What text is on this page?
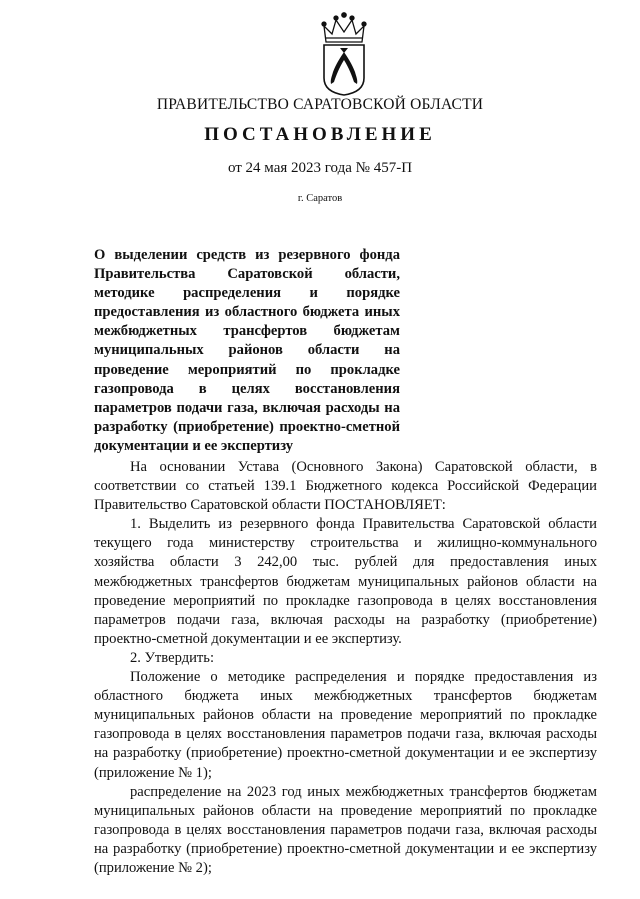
ПРАВИТЕЛЬСТВО САРАТОВСКОЙ ОБЛАСТИ
ПОСТАНОВЛЕНИЕ
от 24 мая 2023 года № 457-П
г. Саратов

О выделении средств из резервного фонда Правительства Саратовской области, методике распределения и порядке предоставления из областного бюджета иных межбюджетных трансфертов бюджетам муниципальных районов области на проведение мероприятий по прокладке газопровода в целях восстановления параметров подачи газа, включая расходы на разработку (приобретение) проектно-сметной документации и ее экспертизу

На основании Устава (Основного Закона) Саратовской области, в соответствии со статьей 139.1 Бюджетного кодекса Российской Федерации Правительство Саратовской области ПОСТАНОВЛЯЕТ:

1. Выделить из резервного фонда Правительства Саратовской области текущего года министерству строительства и жилищно-коммунального хозяйства области 3 242,00 тыс. рублей для предоставления иных межбюджетных трансфертов бюджетам муниципальных районов области на проведение мероприятий по прокладке газопровода в целях восстановления параметров подачи газа, включая расходы на разработку (приобретение) проектно-сметной документации и ее экспертизу.

2. Утвердить:

Положение о методике распределения и порядке предоставления из областного бюджета иных межбюджетных трансфертов бюджетам муниципальных районов области на проведение мероприятий по прокладке газопровода в целях восстановления параметров подачи газа, включая расходы на разработку (приобретение) проектно-сметной документации и ее экспертизу (приложение № 1);

распределение на 2023 год иных межбюджетных трансфертов бюджетам муниципальных районов области на проведение мероприятий по прокладке газопровода в целях восстановления параметров подачи газа, включая расходы на разработку (приобретение) проектно-сметной документации и ее экспертизу (приложение № 2);
